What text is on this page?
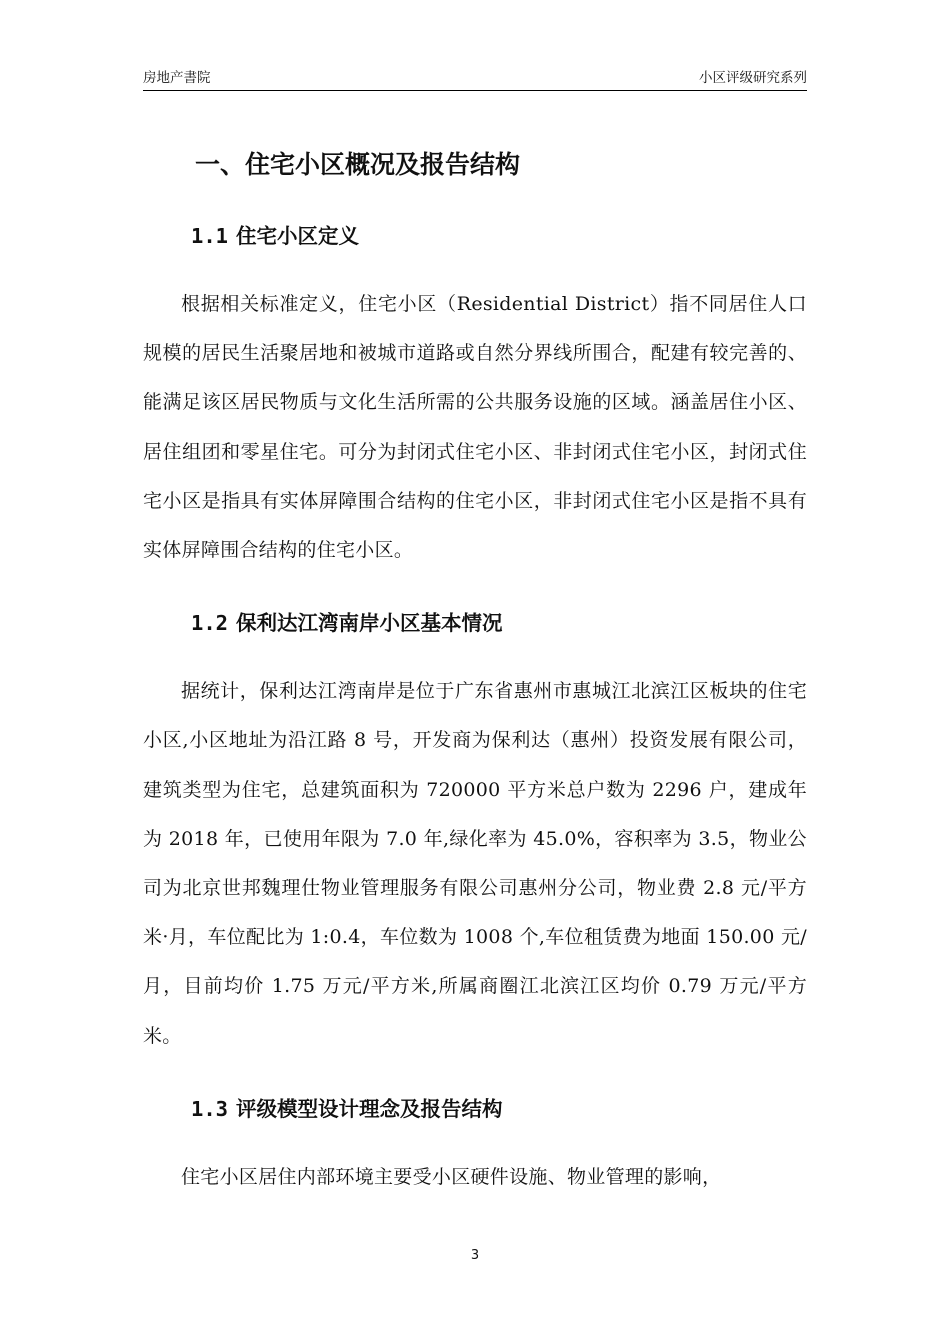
房地产書院	小区评级研究系列
一、住宅小区概况及报告结构
1.1 住宅小区定义

根据相关标准定义，住宅小区（Residential District）指不同居住人口规模的居民生活聚居地和被城市道路或自然分界线所围合，配建有较完善的、能满足该区居民物质与文化生活所需的公共服务设施的区域。涵盖居住小区、居住组团和零星住宅。可分为封闭式住宅小区、非封闭式住宅小区，封闭式住宅小区是指具有实体屏障围合结构的住宅小区，非封闭式住宅小区是指不具有实体屏障围合结构的住宅小区。

1.2 保利达江湾南岸小区基本情况

据统计，保利达江湾南岸是位于广东省惠州市惠城江北滨江区板块的住宅小区,小区地址为沿江路 8 号，开发商为保利达（惠州）投资发展有限公司，建筑类型为住宅，总建筑面积为 720000 平方米总户数为 2296 户，建成年为 2018 年，已使用年限为 7.0 年,绿化率为 45.0%，容积率为 3.5，物业公司为北京世邦魏理仕物业管理服务有限公司惠州分公司，物业费 2.8 元/平方米·月，车位配比为 1:0.4，车位数为 1008 个,车位租赁费为地面 150.00 元/月，目前均价 1.75 万元/平方米,所属商圈江北滨江区均价 0.79 万元/平方米。

1.3 评级模型设计理念及报告结构

住宅小区居住内部环境主要受小区硬件设施、物业管理的影响，

3
